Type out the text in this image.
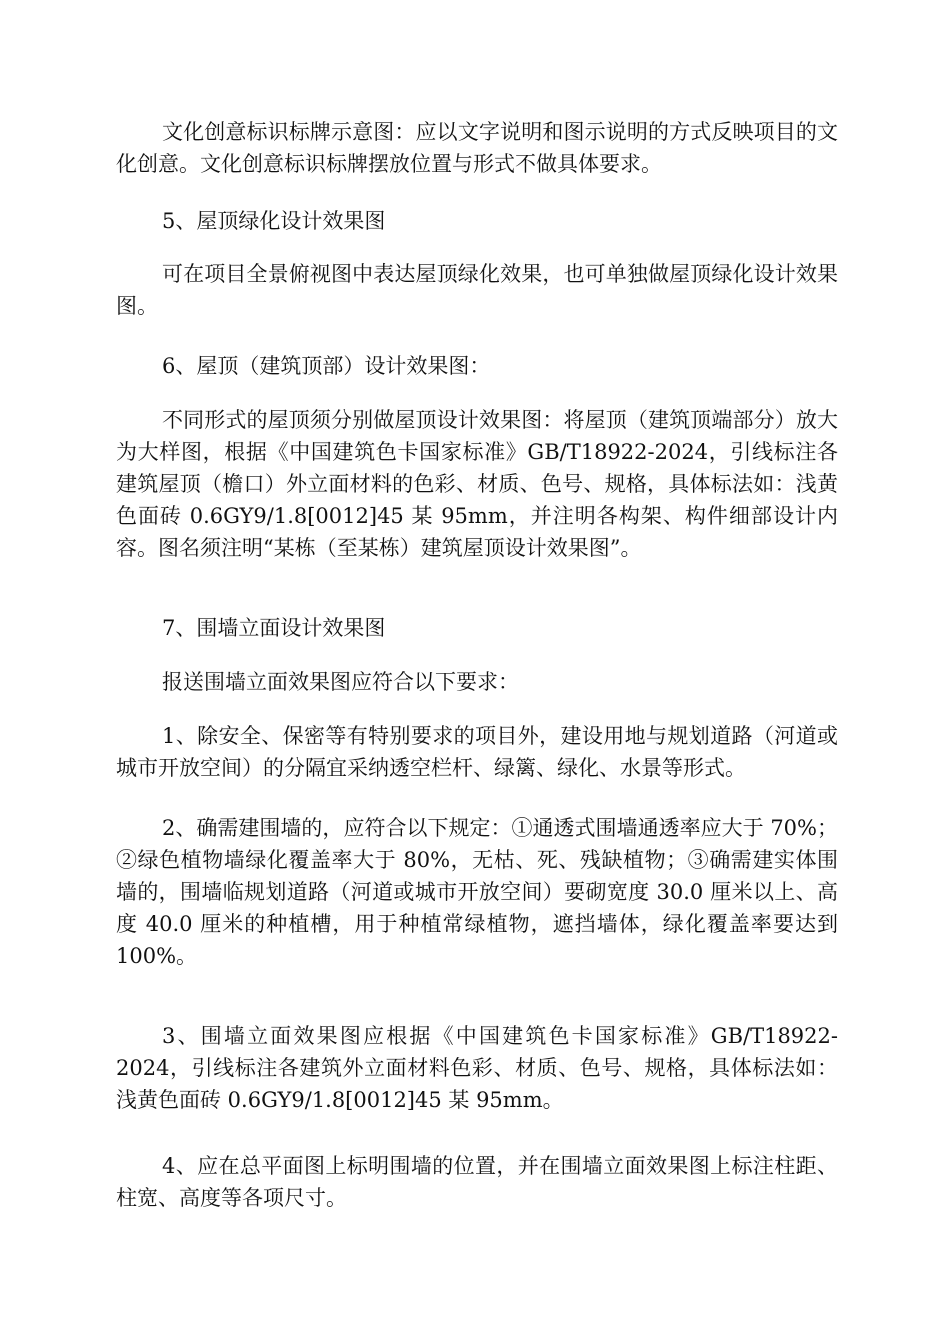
文化创意标识标牌示意图：应以文字说明和图示说明的方式反映项目的文化创意。文化创意标识标牌摆放位置与形式不做具体要求。

5、屋顶绿化设计效果图

可在项目全景俯视图中表达屋顶绿化效果，也可单独做屋顶绿化设计效果图。

6、屋顶（建筑顶部）设计效果图：

不同形式的屋顶须分别做屋顶设计效果图：将屋顶（建筑顶端部分）放大为大样图，根据《中国建筑色卡国家标准》GB/T18922-2024，引线标注各建筑屋顶（檐口）外立面材料的色彩、材质、色号、规格，具体标法如：浅黄色面砖 0.6GY9/1.8[0012]45 某 95mm，并注明各构架、构件细部设计内容。图名须注明“某栋（至某栋）建筑屋顶设计效果图”。

7、围墙立面设计效果图

报送围墙立面效果图应符合以下要求：

1、除安全、保密等有特别要求的项目外，建设用地与规划道路（河道或城市开放空间）的分隔宜采纳透空栏杆、绿篱、绿化、水景等形式。

2、确需建围墙的，应符合以下规定：①通透式围墙通透率应大于 70%；②绿色植物墙绿化覆盖率大于 80%，无枯、死、残缺植物；③确需建实体围墙的，围墙临规划道路（河道或城市开放空间）要砌宽度 30.0 厘米以上、高度 40.0 厘米的种植槽，用于种植常绿植物，遮挡墙体，绿化覆盖率要达到 100%。

3、围墙立面效果图应根据《中国建筑色卡国家标准》GB/T18922-2024，引线标注各建筑外立面材料色彩、材质、色号、规格，具体标法如：浅黄色面砖 0.6GY9/1.8[0012]45 某 95mm。

4、应在总平面图上标明围墙的位置，并在围墙立面效果图上标注柱距、柱宽、高度等各项尺寸。
